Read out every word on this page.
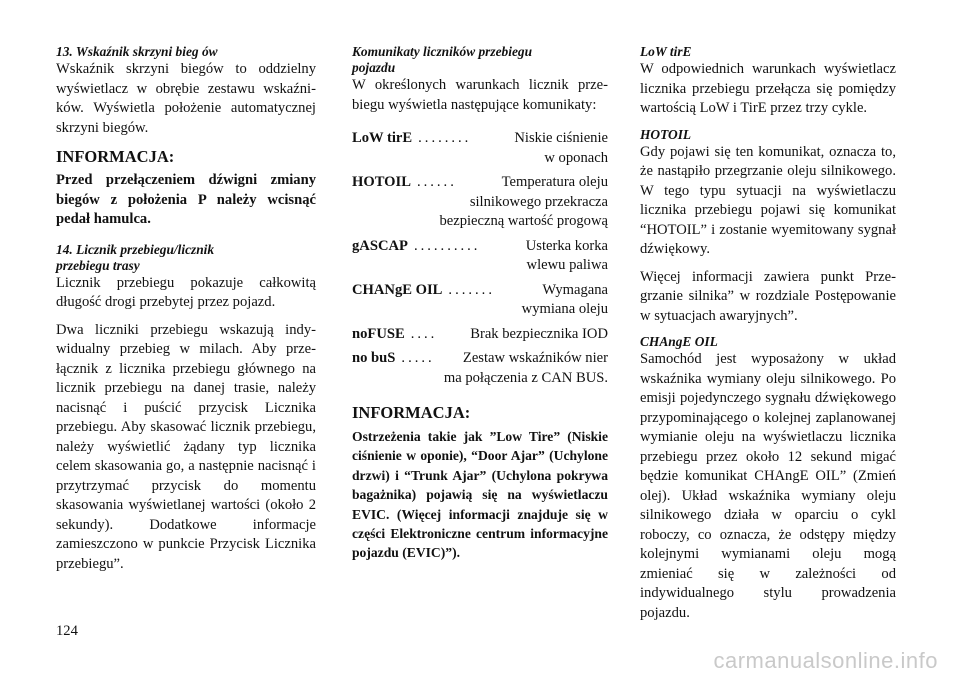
13. Wskaźnik skrzyni bieg ów

Wskaźnik skrzyni biegów to oddzielny wyświetlacz w obrębie zestawu wskaźników. Wyświetla położenie automatycznej skrzyni biegów.

INFORMACJA:

Przed przełączeniem dźwigni zmiany biegów z położenia P należy wcisnąć pedał hamulca.

14. Licznik przebiegu/licznik
przebiegu trasy

Licznik przebiegu pokazuje całkowitą długość drogi przebytej przez pojazd.

Dwa liczniki przebiegu wskazują indywidualny przebieg w milach. Aby przełącznik z licznika przebiegu głównego na licznik przebiegu na danej trasie, należy nacisnąć i puścić przycisk Licznika przebiegu. Aby skasować licznik przebiegu, należy wyświetlić żądany typ licznika celem skasowania go, a następnie nacisnąć i przytrzymać przycisk do momentu skasowania wyświetlanej wartości (około 2 sekundy). Dodatkowe informacje zamieszczono w punkcie Przycisk Licznika przebiegu”.

Komunikaty liczników przebiegu
pojazdu

W określonych warunkach licznik przebiegu wyświetla następujące komunikaty:

LoW tirE ........	Niskie ciśnienie
w oponach
HOTOIL ......	Temperatura oleju
silnikowego przekracza
bezpieczną wartość progową
gASCAP ..........	Usterka korka
wlewu paliwa
CHANgE OIL .......	Wymagana
wymiana oleju
noFUSE ....	Brak bezpiecznika IOD
no buS .....	Zestaw wskaźników nier
ma połączenia z CAN BUS.
INFORMACJA:

Ostrzeżenia takie jak ”Low Tire” (Niskie ciśnienie w oponie), “Door Ajar” (Uchylone drzwi) i “Trunk Ajar” (Uchylona pokrywa bagażnika) pojawią się na wyświetlaczu EVIC. (Więcej informacji znajduje się w części Elektroniczne centrum informacyjne pojazdu (EVIC)”).

LoW tirE

W odpowiednich warunkach wyświetlacz licznika przebiegu przełącza się pomiędzy wartością LoW i TirE przez trzy cykle.

HOTOIL

Gdy pojawi się ten komunikat, oznacza to, że nastąpiło przegrzanie oleju silnikowego. W tego typu sytuacji na wyświetlaczu licznika przebiegu pojawi się komunikat “HOTOIL” i zostanie wyemitowany sygnał dźwiękowy.

Więcej informacji zawiera punkt Przegrzanie silnika” w rozdziale Postępowanie w sytuacjach awaryjnych”.

CHAngE OIL

Samochód jest wyposażony w układ wskaźnika wymiany oleju silnikowego. Po emisji pojedynczego sygnału dźwiękowego przypominającego o kolejnej zaplanowanej wymianie oleju na wyświetlaczu licznika przebiegu przez około 12 sekund migać będzie komunikat CHAngE OIL” (Zmień olej). Układ wskaźnika wymiany oleju silnikowego działa w oparciu o cykl roboczy, co oznacza, że odstępy między kolejnymi wymianami oleju mogą zmieniać się w zależności od indywidualnego stylu prowadzenia pojazdu.

124
carmanualsonline.info
